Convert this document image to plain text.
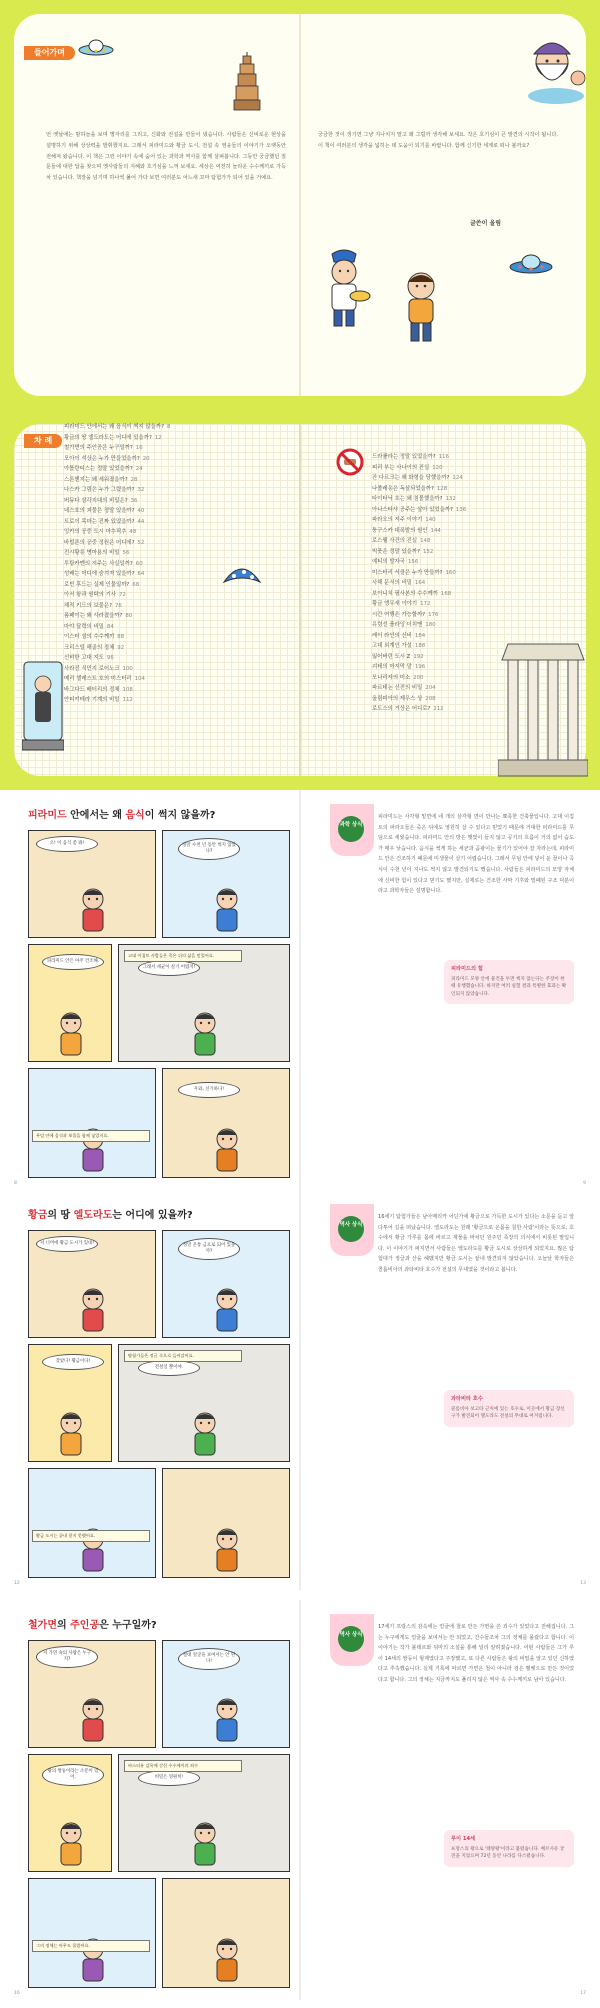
들어가며

먼 옛날에는 밤하늘을 보며 별자리를 그리고, 신화와 전설을 만들어 냈습니다. 사람들은 신비로운 현상을 설명하기 위해 상상력을 발휘했지요. 그래서 피라미드와 황금 도시, 전설 속 영웅들의 이야기가 오랫동안 전해져 왔습니다. 이 책은 그런 이야기 속에 숨어 있는 과학과 역사를 함께 살펴봅니다. 그동안 궁금했던 질문들에 대한 답을 찾으며 옛사람들의 지혜와 호기심을 느껴 보세요. 세상은 여전히 놀라운 수수께끼로 가득 차 있습니다. 책장을 넘기며 하나씩 풀어 가다 보면 여러분도 어느새 꼬마 탐험가가 되어 있을 거예요.

궁금한 것이 생기면 그냥 지나치지 말고 왜 그럴까 생각해 보세요. 작은 호기심이 큰 발견의 시작이 됩니다. 이 책이 여러분의 생각을 넓히는 데 도움이 되기를 바랍니다. 함께 신기한 세계로 떠나 볼까요?

글쓴이 올림
차 례
피라미드 안에서는 왜 음식이 썩지 않을까? 8
황금의 땅 엘도라도는 어디에 있을까? 12
철가면의 주인공은 누구일까? 16
모아이 석상은 누가 만들었을까? 20
아틀란티스는 정말 있었을까? 24
스톤헨지는 왜 세워졌을까? 28
나스카 그림은 누가 그렸을까? 32
버뮤다 삼각지대의 비밀은? 36
네스호의 괴물은 정말 있을까? 40
트로이 목마는 진짜 있었을까? 44
잉카의 공중 도시 마추픽추 48
바빌론의 공중 정원은 어디에? 52
진시황릉 병마용의 비밀 56
투탕카멘의 저주는 사실일까? 60
성배는 어디에 숨겨져 있을까? 64
로빈 후드는 실제 인물일까? 68
아서 왕과 원탁의 기사 72
해적 키드의 보물은? 76
폼페이는 왜 사라졌을까? 80
마야 달력의 비밀 84
이스터 섬의 수수께끼 88
크리스털 해골의 정체 92
신비한 고대 지도 96
사라진 식민지 로어노크 100
메리 셀레스트 호의 미스터리 104
바그다드 배터리의 정체 108
안티키테라 기계의 비밀 112
드라큘라는 정말 있었을까? 116
피리 부는 사나이의 진실 120
잔 다르크는 왜 화형을 당했을까? 124
나폴레옹은 독살되었을까? 128
타이타닉 호는 왜 침몰했을까? 132
아나스타샤 공주는 살아 있었을까? 136
파라오의 저주 이야기 140
퉁구스카 대폭발의 원인 144
로스웰 사건의 진실 148
빅풋은 정말 있을까? 152
예티의 발자국 156
미스터리 서클은 누가 만들까? 160
사해 문서의 비밀 164
보이니치 필사본의 수수께끼 168
황금 앵무새 이야기 172
시간 여행은 가능할까? 176
유령선 플라잉 더치맨 180
레이 라인의 신비 184
고대 외계인 가설 188
잃어버린 도시 Z 192
괴테의 마지막 말 196
모나리자의 미소 200
파르테논 신전의 비밀 204
올림피아의 제우스 상 208
로도스의 거상은 어디로? 212
피라미드 안에서는 왜 음식이 썩지 않을까?
오! 이 음식 좀 봐!	정말 수천 년 동안 썩지 않았나?
피라미드 안은 아주 건조해.
그래서 세균이 살기 어렵지!
우와, 신기하다!
고대 이집트 사람들은 죽은 뒤의 삶을 믿었어요.
무덤 안에 음식과 보물을 함께 넣었지요.
과학 상식

피라미드는 사각형 밑면에 네 개의 삼각형 면이 만나는 뾰족한 건축물입니다. 고대 이집트의 파라오들은 죽은 뒤에도 영원히 살 수 있다고 믿었기 때문에 거대한 피라미드를 무덤으로 세웠습니다. 피라미드 안의 방은 햇빛이 들지 않고 공기의 흐름이 거의 없어 습도가 매우 낮습니다. 음식을 썩게 하는 세균과 곰팡이는 물기가 있어야 잘 자라는데, 피라미드 안은 건조하기 때문에 미생물이 살기 어렵습니다. 그래서 무덤 안에 넣어 둔 꿀이나 곡식이 수천 년이 지나도 썩지 않고 발견되기도 했습니다. 사람들은 피라미드의 모양 자체에 신비한 힘이 있다고 믿기도 했지만, 실제로는 건조한 사막 기후와 밀폐된 구조 덕분이라고 과학자들은 설명합니다.

피라미드의 힘
피라미드 모양 안에 물건을 두면 썩지 않는다는 주장이 한때 유행했습니다. 하지만 여러 실험 결과 특별한 효과는 확인되지 않았습니다.
8	9
황금의 땅 엘도라도는 어디에 있을까?
저 너머에 황금 도시가 있대!	정말 온통 금으로 되어 있을까?
찾았다! 황금이다!
전설일 뿐이야.
탐험가들은 정글 속으로 들어갔어요.
황금 도시는 끝내 찾지 못했어요.
역사 상식

16세기 탐험가들은 남아메리카 어딘가에 황금으로 가득한 도시가 있다는 소문을 듣고 앞다투어 길을 떠났습니다. 엘도라도는 원래 '황금으로 온몸을 칠한 사람'이라는 뜻으로, 호수에서 황금 가루를 몸에 바르고 제물을 바치던 원주민 족장의 의식에서 비롯된 말입니다. 이 이야기가 퍼지면서 사람들은 엘도라도를 황금 도시로 상상하게 되었지요. 많은 탐험대가 정글과 산을 헤맸지만 황금 도시는 끝내 발견되지 않았습니다. 오늘날 학자들은 콜롬비아의 과타비타 호수가 전설의 무대였을 것이라고 봅니다.

과타비타 호수
콜롬비아 보고타 근처에 있는 호수로, 이곳에서 황금 장신구가 발견되어 엘도라도 전설의 무대로 여겨집니다.
12	13
철가면의 주인공은 누구일까?
저 가면 속의 사람은 누구지?
절대 얼굴을 보여서는 안 된다!
왕의 쌍둥이라는 소문이 있어.	비밀은 영원히!
바스티유 감옥에 갇힌 수수께끼의 죄수
그의 정체는 아무도 몰랐어요.
역사 상식

17세기 프랑스의 감옥에는 얼굴에 철로 만든 가면을 쓴 죄수가 있었다고 전해집니다. 그는 누구에게도 얼굴을 보여서는 안 되었고, 간수들조차 그의 정체를 몰랐다고 합니다. 이 이야기는 작가 볼테르와 뒤마의 소설을 통해 널리 알려졌습니다. 어떤 사람들은 그가 루이 14세의 쌍둥이 형제였다고 주장했고, 또 다른 사람들은 왕의 비밀을 알고 있던 신하였다고 추측했습니다. 실제 기록에 따르면 가면은 철이 아니라 검은 벨벳으로 만든 것이었다고 합니다. 그의 정체는 지금까지도 풀리지 않은 역사 속 수수께끼로 남아 있습니다.

루이 14세
프랑스의 왕으로 '태양왕'이라고 불렸습니다. 베르사유 궁전을 지었으며 72년 동안 나라를 다스렸습니다.
16	17
